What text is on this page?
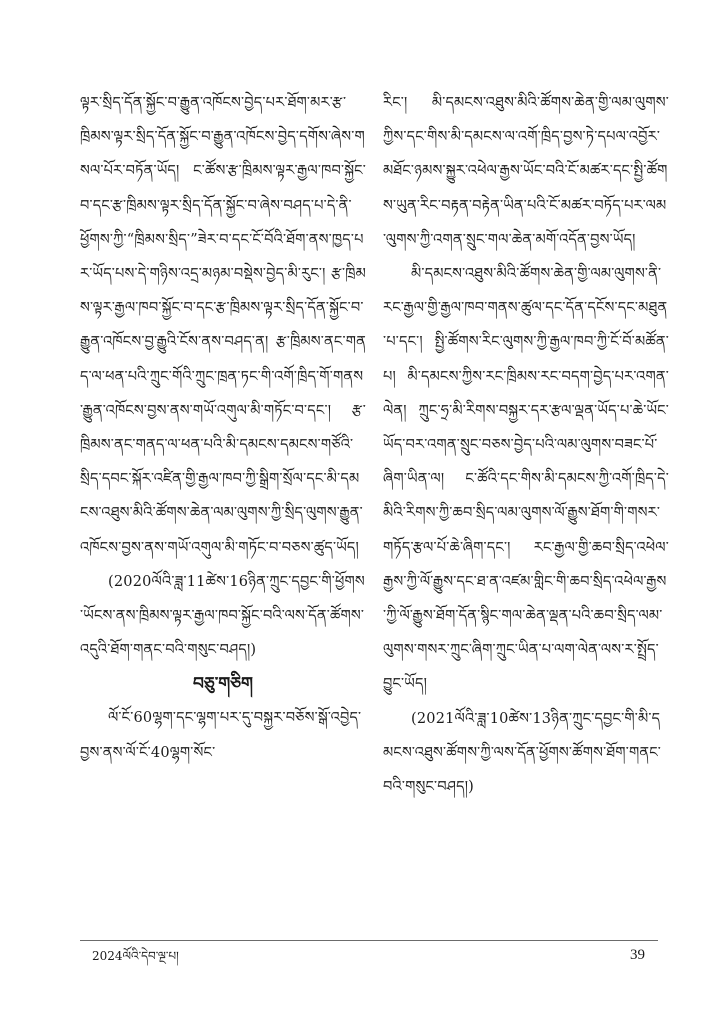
ལྟར་སྲིད་དོན་སྐྱོང་བ་རྒྱུན་འཁོངས་བྱེད་པར་ཐོག་མར་རྩ་ཁྲིམས་ལྟར་སྲིད་དོན་སྐྱོང་བ་རྒྱུན་འཁོངས་བྱེད་དགོས་ཞེས་གསལ་པོར་བཏོན་ཡོད། ང་ཚོས་རྩ་ཁྲིམས་ལྟར་རྒྱལ་ཁབ་སྐྱོང་བ་དང་རྩ་ཁྲིམས་ལྟར་སྲིད་དོན་སྐྱོང་བ་ཞེས་བཤད་པ་དེ་ནི་ཕྱོགས་ཀྱི་“ཁྲིམས་སྲིད་”ཟེར་བ་དང་ངོ་བོའི་ཐོག་ནས་ཁྱད་པར་ཡོད་པས་དེ་གཉིས་འདྲ་མཉམ་བསྡེས་བྱེད་མི་རུང་། རྩ་ཁྲིམས་ལྟར་རྒྱལ་ཁབ་སྐྱོང་བ་དང་རྩ་ཁྲིམས་ལྟར་སྲིད་དོན་སྐྱོང་བ་རྒྱུན་འཁོངས་བྱ་རྒྱུའི་ངོས་ནས་བཤད་ན། རྩ་ཁྲིམས་ནང་གནད་ལ་ཕན་པའི་ཀྲུང་གོའི་ཀྲུང་ཁྲན་ཏང་གི་འགོ་ཁྲིད་གོ་གནས་རྒྱུན་འཁོངས་བྱས་ནས་གཡོ་འགུལ་མི་གཏོང་བ་དང་། རྩ་ཁྲིམས་ནང་གནད་ལ་ཕན་པའི་མི་དམངས་དམངས་གཙོའི་སྲིད་དབང་སྐོར་འཛིན་གྱི་རྒྱལ་ཁབ་ཀྱི་སྒྲིག་སྲོལ་དང་མི་དམངས་འཐུས་མིའི་ཚོགས་ཆེན་ལམ་ལུགས་ཀྱི་སྲིད་ལུགས་རྒྱུན་འཁོངས་བྱས་ནས་གཡོ་འགུལ་མི་གཏོང་བ་བཅས་ཚུད་ཡོད།

(2020ལོའི་ཟླ་11ཚེས་16ཉིན་ཀྲུང་དབྱང་གི་ཕྱོགས་ཡོངས་ནས་ཁྲིམས་ལྟར་རྒྱལ་ཁབ་སྐྱོང་བའི་ལས་དོན་ཚོགས་འདུའི་ཐོག་གནང་བའི་གསུང་བཤད།)

བཅུ་གཅིག

ལོ་ངོ་60ལྷག་དང་ལྷག་པར་དུ་བསྐྱར་བཅོས་སྒོ་འབྱེད་བྱས་ནས་ལོ་ངོ་40ལྷག་སོང་

རིང་། མི་དམངས་འཐུས་མིའི་ཚོགས་ཆེན་གྱི་ལམ་ལུགས་ཀྱིས་དང་གིས་མི་དམངས་ལ་འགོ་ཁྲིད་བྱས་ཏེ་དཔལ་འབྱོར་མཐོང་ཉམས་སྐྱུར་འཕེལ་རྒྱས་ཡོང་བའི་ངོ་མཚར་དང་སྤྱི་ཚོགས་ཡུན་རིང་བརྟན་བརྟེན་ཡིན་པའི་ངོ་མཚར་བཏོད་པར་ལམ་ལུགས་ཀྱི་འགན་སྲུང་གལ་ཆེན་མགོ་འདོན་བྱས་ཡོད།

མི་དམངས་འཐུས་མིའི་ཚོགས་ཆེན་གྱི་ལམ་ལུགས་ནི་རང་རྒྱལ་གྱི་རྒྱལ་ཁབ་གནས་ཚུལ་དང་དོན་དངོས་དང་མཐུན་པ་དང་། སྤྱི་ཚོགས་རིང་ལུགས་ཀྱི་རྒྱལ་ཁབ་ཀྱི་ངོ་བོ་མཚོན་པ། མི་དམངས་ཀྱིས་རང་ཁྲིམས་རང་བདག་བྱེད་པར་འགན་ལེན། ཀྲུང་ཧྲ་མི་རིགས་བསྐྱར་དར་རྩལ་ལྡན་ཡོད་པ་ཆེ་ཡོང་ཡོད་བར་འགན་སྲུང་བཅས་བྱེད་པའི་ལམ་ལུགས་བཟང་པོ་ཞིག་ཡིན་ལ། ང་ཚོའི་དང་གིས་མི་དམངས་ཀྱི་འགོ་ཁྲིད་དེ་མིའི་རིགས་ཀྱི་ཆབ་སྲིད་ལམ་ལུགས་ལོ་རྒྱུས་ཐོག་གི་གསར་གཏོད་རྩལ་པོ་ཆེ་ཞིག་དང་། རང་རྒྱལ་གྱི་ཆབ་སྲིད་འཕེལ་རྒྱས་ཀྱི་ལོ་རྒྱུས་དང་ཐ་ན་འཛམ་གླིང་གི་ཆབ་སྲིད་འཕེལ་རྒྱས་ཀྱི་ལོ་རྒྱུས་ཐོག་དོན་སྙིང་གལ་ཆེན་ལྡན་པའི་ཆབ་སྲིད་ལམ་ལུགས་གསར་ཀྲུང་ཞིག་ཀྲུང་ཡིན་པ་ལག་ལེན་ལས་ར་སྤྲོད་བྱུང་ཡོད།

(2021ལོའི་ཟླ་10ཚེས་13ཉིན་ཀྲུང་དབྱང་གི་མི་དམངས་འཐུས་ཚོགས་ཀྱི་ལས་དོན་ཕྱོགས་ཚོགས་ཐོག་གནང་བའི་གསུང་བཤད།)

2024ལོའི་དེབ་ལྔ་པ།	39
